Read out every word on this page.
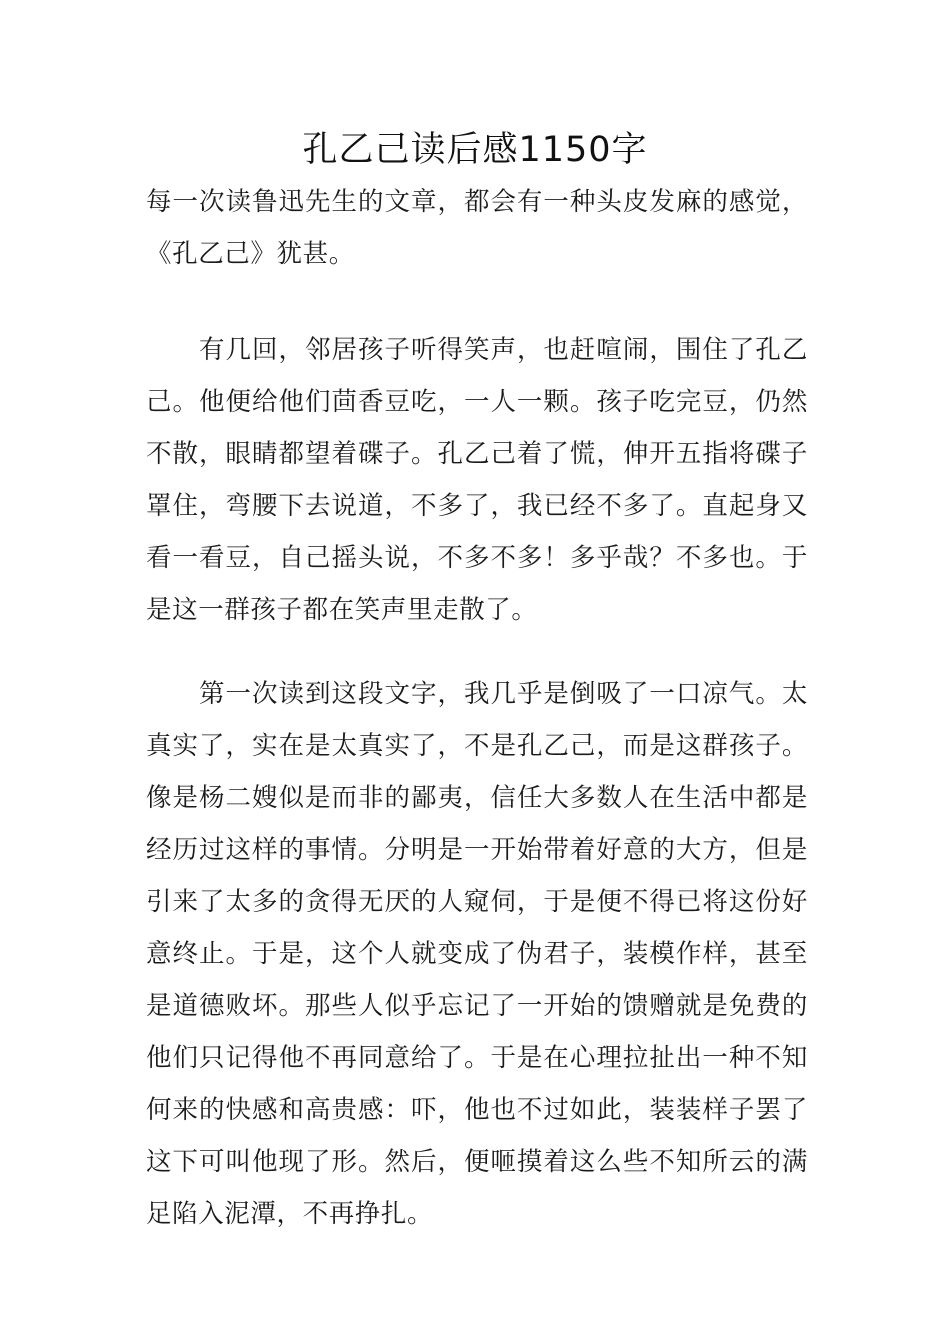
孔乙己读后感1150字

每一次读鲁迅先生的文章，都会有一种头皮发麻的感觉，《孔乙己》犹甚。

有几回，邻居孩子听得笑声，也赶喧闹，围住了孔乙己。他便给他们茴香豆吃，一人一颗。孩子吃完豆，仍然不散，眼睛都望着碟子。孔乙己着了慌，伸开五指将碟子罩住，弯腰下去说道，不多了，我已经不多了。直起身又看一看豆，自己摇头说，不多不多！多乎哉？不多也。于是这一群孩子都在笑声里走散了。

第一次读到这段文字，我几乎是倒吸了一口凉气。太真实了，实在是太真实了，不是孔乙己，而是这群孩子。像是杨二嫂似是而非的鄙夷，信任大多数人在生活中都是经历过这样的事情。分明是一开始带着好意的大方，但是引来了太多的贪得无厌的人窥伺，于是便不得已将这份好意终止。于是，这个人就变成了伪君子，装模作样，甚至是道德败坏。那些人似乎忘记了一开始的馈赠就是免费的他们只记得他不再同意给了。于是在心理拉扯出一种不知何来的快感和高贵感：吓，他也不过如此，装装样子罢了这下可叫他现了形。然后，便咂摸着这么些不知所云的满足陷入泥潭，不再挣扎。
